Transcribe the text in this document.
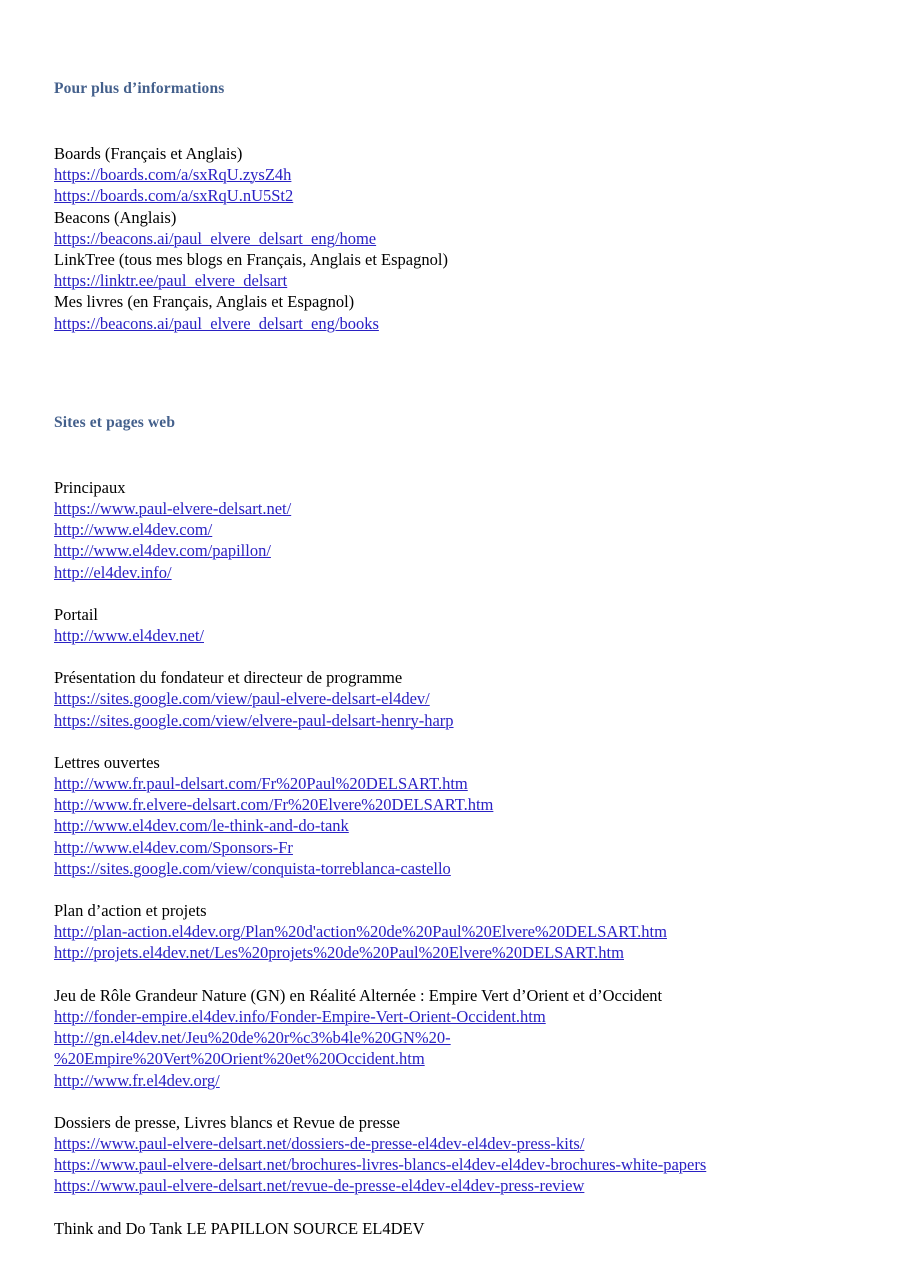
Pour plus d’informations
Boards (Français et Anglais)
https://boards.com/a/sxRqU.zysZ4h
https://boards.com/a/sxRqU.nU5St2
Beacons (Anglais)
https://beacons.ai/paul_elvere_delsart_eng/home
LinkTree (tous mes blogs en Français, Anglais et Espagnol)
https://linktr.ee/paul_elvere_delsart
Mes livres (en Français, Anglais et Espagnol)
https://beacons.ai/paul_elvere_delsart_eng/books
Sites et pages web
Principaux
https://www.paul-elvere-delsart.net/
http://www.el4dev.com/
http://www.el4dev.com/papillon/
http://el4dev.info/
Portail
http://www.el4dev.net/
Présentation du fondateur et directeur de programme
https://sites.google.com/view/paul-elvere-delsart-el4dev/
https://sites.google.com/view/elvere-paul-delsart-henry-harp
Lettres ouvertes
http://www.fr.paul-delsart.com/Fr%20Paul%20DELSART.htm
http://www.fr.elvere-delsart.com/Fr%20Elvere%20DELSART.htm
http://www.el4dev.com/le-think-and-do-tank
http://www.el4dev.com/Sponsors-Fr
https://sites.google.com/view/conquista-torreblanca-castello
Plan d’action et projets
http://plan-action.el4dev.org/Plan%20d'action%20de%20Paul%20Elvere%20DELSART.htm
http://projets.el4dev.net/Les%20projets%20de%20Paul%20Elvere%20DELSART.htm
Jeu de Rôle Grandeur Nature (GN) en Réalité Alternée : Empire Vert d’Orient et d’Occident
http://fonder-empire.el4dev.info/Fonder-Empire-Vert-Orient-Occident.htm
http://gn.el4dev.net/Jeu%20de%20r%c3%b4le%20GN%20-
%20Empire%20Vert%20Orient%20et%20Occident.htm
http://www.fr.el4dev.org/
Dossiers de presse, Livres blancs et Revue de presse
https://www.paul-elvere-delsart.net/dossiers-de-presse-el4dev-el4dev-press-kits/
https://www.paul-elvere-delsart.net/brochures-livres-blancs-el4dev-el4dev-brochures-white-papers
https://www.paul-elvere-delsart.net/revue-de-presse-el4dev-el4dev-press-review
Think and Do Tank LE PAPILLON SOURCE EL4DEV
